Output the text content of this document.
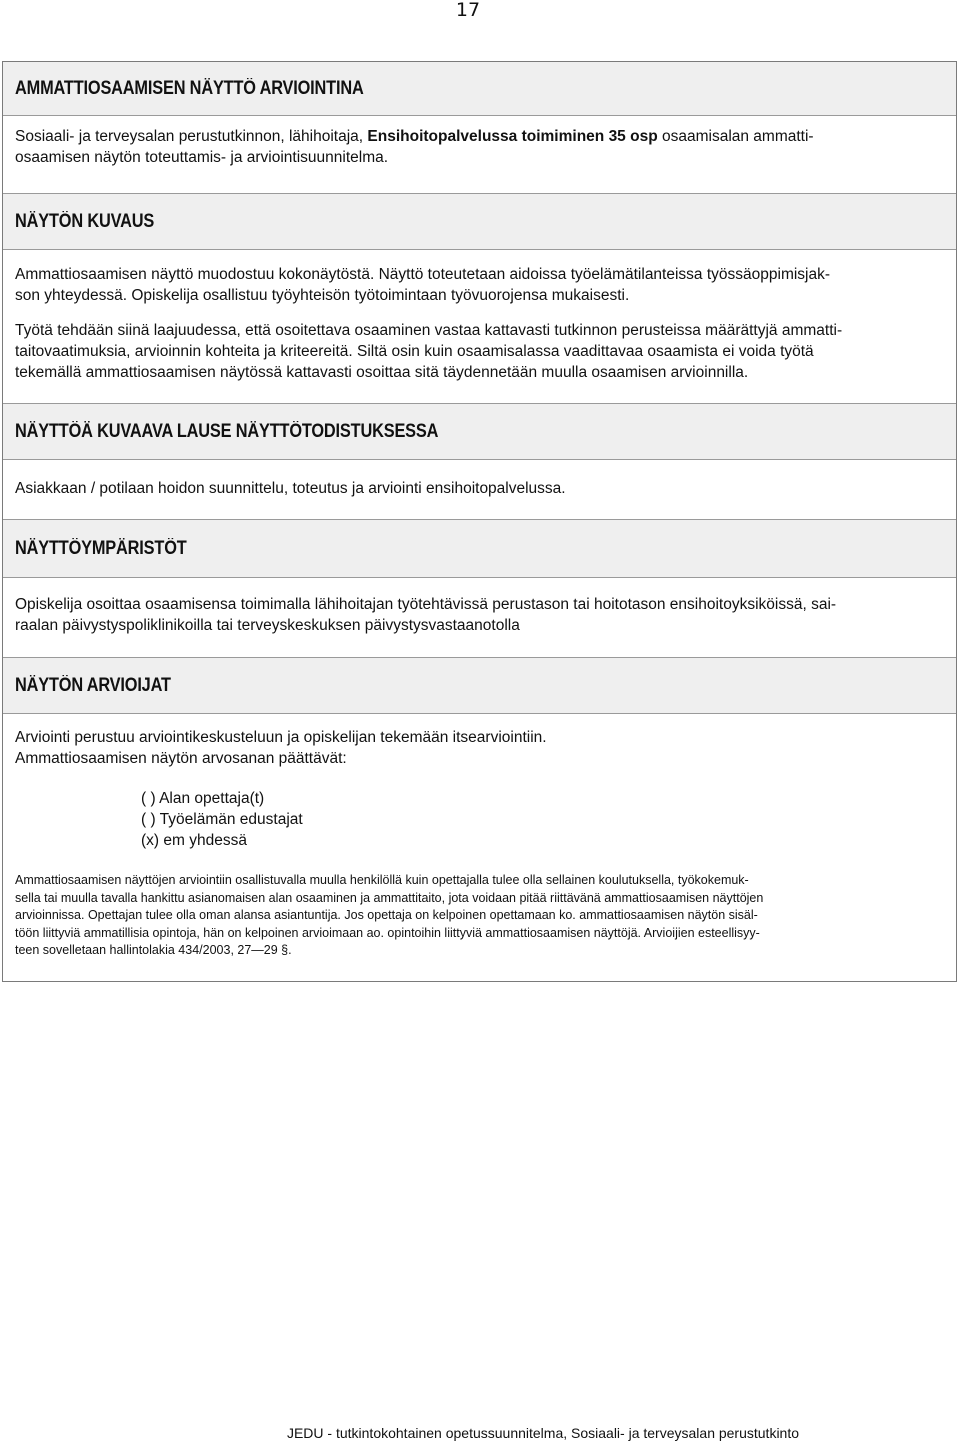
17
AMMATTIOSAAMISEN NÄYTTÖ ARVIOINTINA

Sosiaali- ja terveysalan perustutkinnon, lähihoitaja, Ensihoitopalvelussa toimiminen 35 osp osaamisalan ammatti-

osaamisen näytön toteuttamis- ja arviointisuunnitelma.

NÄYTÖN KUVAUS

Ammattiosaamisen näyttö muodostuu kokonäytöstä. Näyttö toteutetaan aidoissa työelämätilanteissa työssäoppimisjak-

son yhteydessä. Opiskelija osallistuu työyhteisön työtoimintaan työvuorojensa mukaisesti.

Työtä tehdään siinä laajuudessa, että osoitettava osaaminen vastaa kattavasti tutkinnon perusteissa määrättyjä ammatti-

taitovaatimuksia, arvioinnin kohteita ja kriteereitä. Siltä osin kuin osaamisalassa vaadittavaa osaamista ei voida työtä

tekemällä ammattiosaamisen näytössä kattavasti osoittaa sitä täydennetään muulla osaamisen arvioinnilla.

NÄYTTÖÄ KUVAAVA LAUSE NÄYTTÖTODISTUKSESSA

Asiakkaan / potilaan hoidon suunnittelu, toteutus ja arviointi ensihoitopalvelussa.

NÄYTTÖYMPÄRISTÖT

Opiskelija osoittaa osaamisensa toimimalla lähihoitajan työtehtävissä perustason tai hoitotason ensihoitoyksiköissä, sai-

raalan päivystyspoliklinikoilla tai terveyskeskuksen päivystysvastaanotolla

NÄYTÖN ARVIOIJAT

Arviointi perustuu arviointikeskusteluun ja opiskelijan tekemään itsearviointiin.

Ammattiosaamisen näytön arvosanan päättävät:

( ) Alan opettaja(t)

( ) Työelämän edustajat

(x) em yhdessä

Ammattiosaamisen näyttöjen arviointiin osallistuvalla muulla henkilöllä kuin opettajalla tulee olla sellainen koulutuksella, työkokemuk-

sella tai muulla tavalla hankittu asianomaisen alan osaaminen ja ammattitaito, jota voidaan pitää riittävänä ammattiosaamisen näyttöjen

arvioinnissa. Opettajan tulee olla oman alansa asiantuntija. Jos opettaja on kelpoinen opettamaan ko. ammattiosaamisen näytön sisäl-

töön liittyviä ammatillisia opintoja, hän on kelpoinen arvioimaan ao. opintoihin liittyviä ammattiosaamisen näyttöjä. Arvioijien esteellisyy-

teen sovelletaan hallintolakia 434/2003, 27—29 §.

JEDU - tutkintokohtainen opetussuunnitelma, Sosiaali- ja terveysalan perustutkinto
